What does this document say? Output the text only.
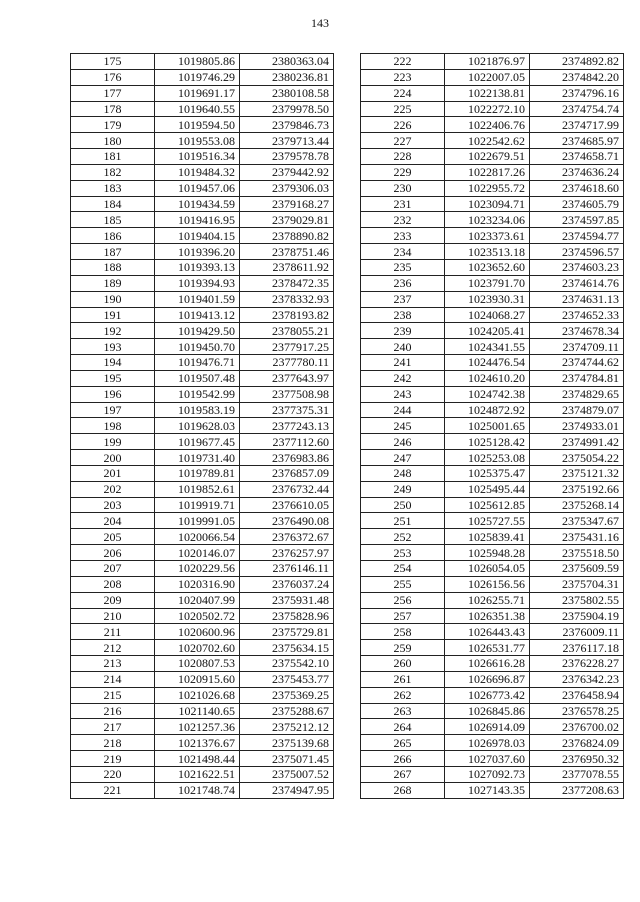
143
175	1019805.86	2380363.04
176	1019746.29	2380236.81
177	1019691.17	2380108.58
178	1019640.55	2379978.50
179	1019594.50	2379846.73
180	1019553.08	2379713.44
181	1019516.34	2379578.78
182	1019484.32	2379442.92
183	1019457.06	2379306.03
184	1019434.59	2379168.27
185	1019416.95	2379029.81
186	1019404.15	2378890.82
187	1019396.20	2378751.46
188	1019393.13	2378611.92
189	1019394.93	2378472.35
190	1019401.59	2378332.93
191	1019413.12	2378193.82
192	1019429.50	2378055.21
193	1019450.70	2377917.25
194	1019476.71	2377780.11
195	1019507.48	2377643.97
196	1019542.99	2377508.98
197	1019583.19	2377375.31
198	1019628.03	2377243.13
199	1019677.45	2377112.60
200	1019731.40	2376983.86
201	1019789.81	2376857.09
202	1019852.61	2376732.44
203	1019919.71	2376610.05
204	1019991.05	2376490.08
205	1020066.54	2376372.67
206	1020146.07	2376257.97
207	1020229.56	2376146.11
208	1020316.90	2376037.24
209	1020407.99	2375931.48
210	1020502.72	2375828.96
211	1020600.96	2375729.81
212	1020702.60	2375634.15
213	1020807.53	2375542.10
214	1020915.60	2375453.77
215	1021026.68	2375369.25
216	1021140.65	2375288.67
217	1021257.36	2375212.12
218	1021376.67	2375139.68
219	1021498.44	2375071.45
220	1021622.51	2375007.52
221	1021748.74	2374947.95
222	1021876.97	2374892.82
223	1022007.05	2374842.20
224	1022138.81	2374796.16
225	1022272.10	2374754.74
226	1022406.76	2374717.99
227	1022542.62	2374685.97
228	1022679.51	2374658.71
229	1022817.26	2374636.24
230	1022955.72	2374618.60
231	1023094.71	2374605.79
232	1023234.06	2374597.85
233	1023373.61	2374594.77
234	1023513.18	2374596.57
235	1023652.60	2374603.23
236	1023791.70	2374614.76
237	1023930.31	2374631.13
238	1024068.27	2374652.33
239	1024205.41	2374678.34
240	1024341.55	2374709.11
241	1024476.54	2374744.62
242	1024610.20	2374784.81
243	1024742.38	2374829.65
244	1024872.92	2374879.07
245	1025001.65	2374933.01
246	1025128.42	2374991.42
247	1025253.08	2375054.22
248	1025375.47	2375121.32
249	1025495.44	2375192.66
250	1025612.85	2375268.14
251	1025727.55	2375347.67
252	1025839.41	2375431.16
253	1025948.28	2375518.50
254	1026054.05	2375609.59
255	1026156.56	2375704.31
256	1026255.71	2375802.55
257	1026351.38	2375904.19
258	1026443.43	2376009.11
259	1026531.77	2376117.18
260	1026616.28	2376228.27
261	1026696.87	2376342.23
262	1026773.42	2376458.94
263	1026845.86	2376578.25
264	1026914.09	2376700.02
265	1026978.03	2376824.09
266	1027037.60	2376950.32
267	1027092.73	2377078.55
268	1027143.35	2377208.63
